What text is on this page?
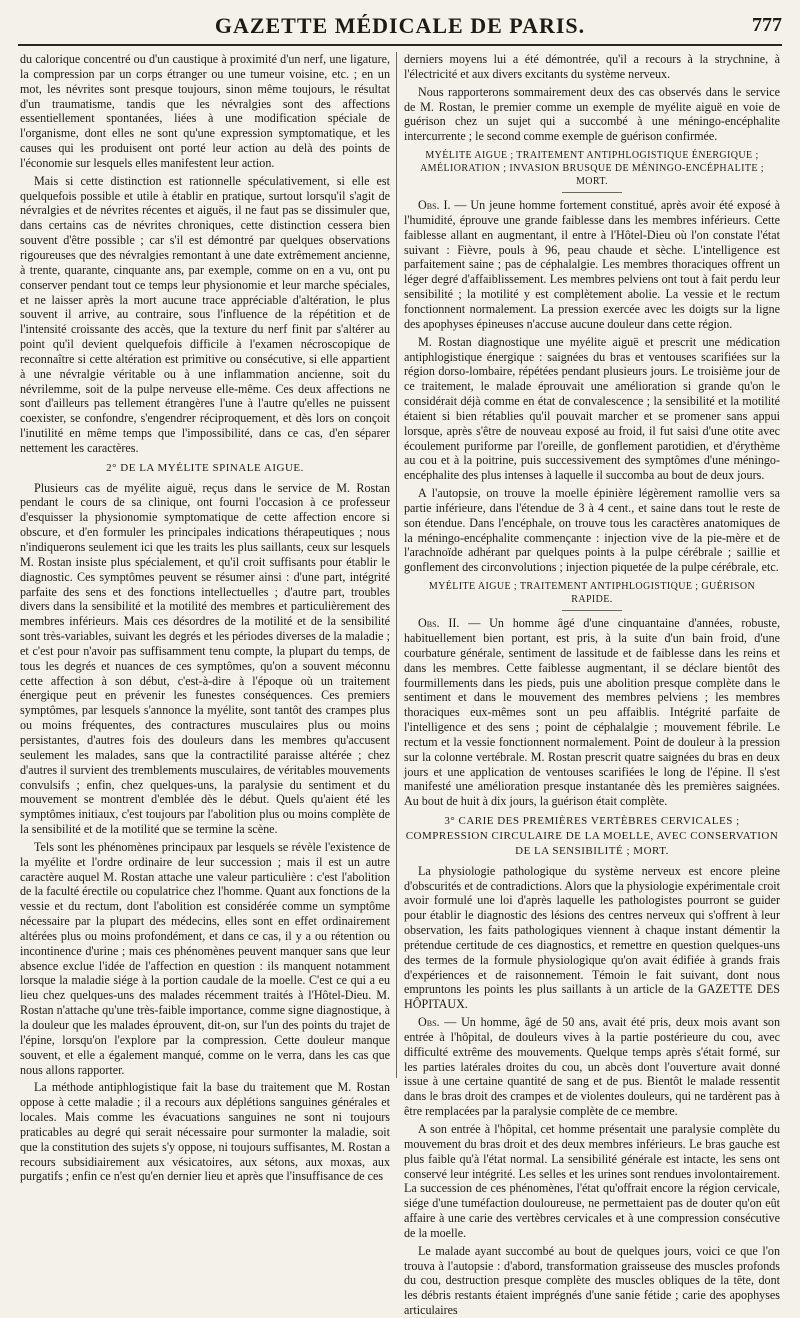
GAZETTE MÉDICALE DE PARIS.	777

du calorique concentré ou d'un caustique à proximité d'un nerf, une ligature, la compression par un corps étranger ou une tumeur voisine, etc. ; en un mot, les névrites sont presque toujours, sinon même toujours, le résultat d'un traumatisme, tandis que les névralgies sont des affections essentiellement spontanées, liées à une modification spéciale de l'organisme, dont elles ne sont qu'une expression symptomatique, et les causes qui les produisent ont porté leur action au delà des points de l'économie sur lesquels elles manifestent leur action.

Mais si cette distinction est rationnelle spéculativement, si elle est quelquefois possible et utile à établir en pratique, surtout lorsqu'il s'agit de névralgies et de névrites récentes et aiguës, il ne faut pas se dissimuler que, dans certains cas de névrites chroniques, cette distinction cessera bien souvent d'être possible ; car s'il est démontré par quelques observations rigoureuses que des névralgies remontant à une date extrêmement ancienne, à trente, quarante, cinquante ans, par exemple, comme on en a vu, ont pu conserver pendant tout ce temps leur physionomie et leur marche spéciales, et ne laisser après la mort aucune trace appréciable d'altération, le plus souvent il arrive, au contraire, sous l'influence de la répétition et de l'intensité croissante des accès, que la texture du nerf finit par s'altérer au point qu'il devient quelquefois difficile à l'examen nécroscopique de reconnaître si cette altération est primitive ou consécutive, si elle appartient à une névralgie véritable ou à une inflammation ancienne, soit du névrilemme, soit de la pulpe nerveuse elle-même. Ces deux affections ne sont d'ailleurs pas tellement étrangères l'une à l'autre qu'elles ne puissent coexister, se confondre, s'engendrer réciproquement, et dès lors on conçoit l'inutilité en même temps que l'impossibilité, dans ce cas, d'en séparer nettement les caractères.

2° DE LA MYÉLITE SPINALE AIGUE.

Plusieurs cas de myélite aiguë, reçus dans le service de M. Rostan pendant le cours de sa clinique, ont fourni l'occasion à ce professeur d'esquisser la physionomie symptomatique de cette affection encore si obscure, et d'en formuler les principales indications thérapeutiques ; nous n'indiquerons seulement ici que les traits les plus saillants, ceux sur lesquels M. Rostan insiste plus spécialement, et qu'il croit suffisants pour établir le diagnostic. Ces symptômes peuvent se résumer ainsi : d'une part, intégrité parfaite des sens et des fonctions intellectuelles ; d'autre part, troubles divers dans la sensibilité et la motilité des membres et particulièrement des membres inférieurs. Mais ces désordres de la motilité et de la sensibilité sont très-variables, suivant les degrés et les périodes diverses de la maladie ; et c'est pour n'avoir pas suffisamment tenu compte, la plupart du temps, de tous les degrés et nuances de ces symptômes, qu'on a souvent méconnu cette affection à son début, c'est-à-dire à l'époque où un traitement énergique peut en prévenir les funestes conséquences. Ces premiers symptômes, par lesquels s'annonce la myélite, sont tantôt des crampes plus ou moins fréquentes, des contractures musculaires plus ou moins persistantes, d'autres fois des douleurs dans les membres qu'accusent seulement les malades, sans que la contractilité paraisse altérée ; chez d'autres il survient des tremblements musculaires, de véritables mouvements convulsifs ; enfin, chez quelques-uns, la paralysie du sentiment et du mouvement se montrent d'emblée dès le début. Quels qu'aient été les symptômes initiaux, c'est toujours par l'abolition plus ou moins complète de la sensibilité et de la motilité que se termine la scène.

Tels sont les phénomènes principaux par lesquels se révèle l'existence de la myélite et l'ordre ordinaire de leur succession ; mais il est un autre caractère auquel M. Rostan attache une valeur particulière : c'est l'abolition de la faculté érectile ou copulatrice chez l'homme. Quant aux fonctions de la vessie et du rectum, dont l'abolition est considérée comme un symptôme nécessaire par la plupart des médecins, elles sont en effet ordinairement altérées plus ou moins profondément, et dans ce cas, il y a ou rétention ou incontinence d'urine ; mais ces phénomènes peuvent manquer sans que leur absence exclue l'idée de l'affection en question : ils manquent notamment lorsque la maladie siége à la portion caudale de la moelle. C'est ce qui a eu lieu chez quelques-uns des malades récemment traités à l'Hôtel-Dieu. M. Rostan n'attache qu'une très-faible importance, comme signe diagnostique, à la douleur que les malades éprouvent, dit-on, sur l'un des points du trajet de l'épine, lorsqu'on l'explore par la compression. Cette douleur manque souvent, et elle a également manqué, comme on le verra, dans les cas que nous allons rapporter.

La méthode antiphlogistique fait la base du traitement que M. Rostan oppose à cette maladie ; il a recours aux déplétions sanguines générales et locales. Mais comme les évacuations sanguines ne sont ni toujours praticables au degré qui serait nécessaire pour surmonter la maladie, soit que la constitution des sujets s'y oppose, ni toujours suffisantes, M. Rostan a recours subsidiairement aux vésicatoires, aux sétons, aux moxas, aux purgatifs ; enfin ce n'est qu'en dernier lieu et après que l'insuffisance de ces

derniers moyens lui a été démontrée, qu'il a recours à la strychnine, à l'électricité et aux divers excitants du système nerveux.

Nous rapporterons sommairement deux des cas observés dans le service de M. Rostan, le premier comme un exemple de myélite aiguë en voie de guérison chez un sujet qui a succombé à une méningo-encéphalite intercurrente ; le second comme exemple de guérison confirmée.

MYÉLITE AIGUE ; TRAITEMENT ANTIPHLOGISTIQUE ÉNERGIQUE ; AMÉLIORATION ; INVASION BRUSQUE DE MÉNINGO-ENCÉPHALITE ; MORT.

Obs. I. — Un jeune homme fortement constitué, après avoir été exposé à l'humidité, éprouve une grande faiblesse dans les membres inférieurs. Cette faiblesse allant en augmentant, il entre à l'Hôtel-Dieu où l'on constate l'état suivant : Fièvre, pouls à 96, peau chaude et sèche. L'intelligence est parfaitement saine ; pas de céphalalgie. Les membres thoraciques offrent un léger degré d'affaiblissement. Les membres pelviens ont tout à fait perdu leur sensibilité ; la motilité y est complètement abolie. La vessie et le rectum fonctionnent normalement. La pression exercée avec les doigts sur la ligne des apophyses épineuses n'accuse aucune douleur dans cette région.

M. Rostan diagnostique une myélite aiguë et prescrit une médication antiphlogistique énergique : saignées du bras et ventouses scarifiées sur la région dorso-lombaire, répétées pendant plusieurs jours. Le troisième jour de ce traitement, le malade éprouvait une amélioration si grande qu'on le considérait déjà comme en état de convalescence ; la sensibilité et la motilité étaient si bien rétablies qu'il pouvait marcher et se promener sans appui lorsque, après s'être de nouveau exposé au froid, il fut saisi d'une otite avec écoulement puriforme par l'oreille, de gonflement parotidien, et d'érythème au cou et à la poitrine, puis successivement des symptômes d'une méningo-encéphalite des plus intenses à laquelle il succomba au bout de deux jours.

A l'autopsie, on trouve la moelle épinière légèrement ramollie vers sa partie inférieure, dans l'étendue de 3 à 4 cent., et saine dans tout le reste de son étendue. Dans l'encéphale, on trouve tous les caractères anatomiques de la méningo-encéphalite commençante : injection vive de la pie-mère et de l'arachnoïde adhérant par quelques points à la pulpe cérébrale ; saillie et gonflement des circonvolutions ; injection piquetée de la pulpe cérébrale, etc.

MYÉLITE AIGUE ; TRAITEMENT ANTIPHLOGISTIQUE ; GUÉRISON RAPIDE.

Obs. II. — Un homme âgé d'une cinquantaine d'années, robuste, habituellement bien portant, est pris, à la suite d'un bain froid, d'une courbature générale, sentiment de lassitude et de faiblesse dans les reins et dans les membres. Cette faiblesse augmentant, il se déclare bientôt des fourmillements dans les pieds, puis une abolition presque complète dans le sentiment et dans le mouvement des membres pelviens ; les membres thoraciques eux-mêmes sont un peu affaiblis. Intégrité parfaite de l'intelligence et des sens ; point de céphalalgie ; mouvement fébrile. Le rectum et la vessie fonctionnent normalement. Point de douleur à la pression sur la colonne vertébrale. M. Rostan prescrit quatre saignées du bras en deux jours et une application de ventouses scarifiées le long de l'épine. Il s'est manifesté une amélioration presque instantanée dès les premières saignées. Au bout de huit à dix jours, la guérison était complète.

3° CARIE DES PREMIÈRES VERTÈBRES CERVICALES ; COMPRESSION CIRCULAIRE DE LA MOELLE, AVEC CONSERVATION DE LA SENSIBILITÉ ; MORT.

La physiologie pathologique du système nerveux est encore pleine d'obscurités et de contradictions. Alors que la physiologie expérimentale croit avoir formulé une loi d'après laquelle les pathologistes pourront se guider pour établir le diagnostic des lésions des centres nerveux qui s'offrent à leur observation, les faits pathologiques viennent à chaque instant démentir la prétendue certitude de ces diagnostics, et remettre en question quelques-uns des termes de la formule physiologique qu'on avait édifiée à grands frais d'expériences et de raisonnement. Témoin le fait suivant, dont nous empruntons les points les plus saillants à un article de la GAZETTE DES HÔPITAUX.

Obs. — Un homme, âgé de 50 ans, avait été pris, deux mois avant son entrée à l'hôpital, de douleurs vives à la partie postérieure du cou, avec difficulté extrême des mouvements. Quelque temps après s'était formé, sur les parties latérales droites du cou, un abcès dont l'ouverture avait donné issue à une certaine quantité de sang et de pus. Bientôt le malade ressentit dans le bras droit des crampes et de violentes douleurs, qui ne tardèrent pas à être remplacées par la paralysie complète de ce membre.

A son entrée à l'hôpital, cet homme présentait une paralysie complète du mouvement du bras droit et des deux membres inférieurs. Le bras gauche est plus faible qu'à l'état normal. La sensibilité générale est intacte, les sens ont conservé leur intégrité. Les selles et les urines sont rendues involontairement. La succession de ces phénomènes, l'état qu'offrait encore la région cervicale, siége d'une tuméfaction douloureuse, ne permettaient pas de douter qu'on eût affaire à une carie des vertèbres cervicales et à une compression consécutive de la moelle.

Le malade ayant succombé au bout de quelques jours, voici ce que l'on trouva à l'autopsie : d'abord, transformation graisseuse des muscles profonds du cou, destruction presque complète des muscles obliques de la tête, dont les débris restants étaient imprégnés d'une sanie fétide ; carie des apophyses articulaires
